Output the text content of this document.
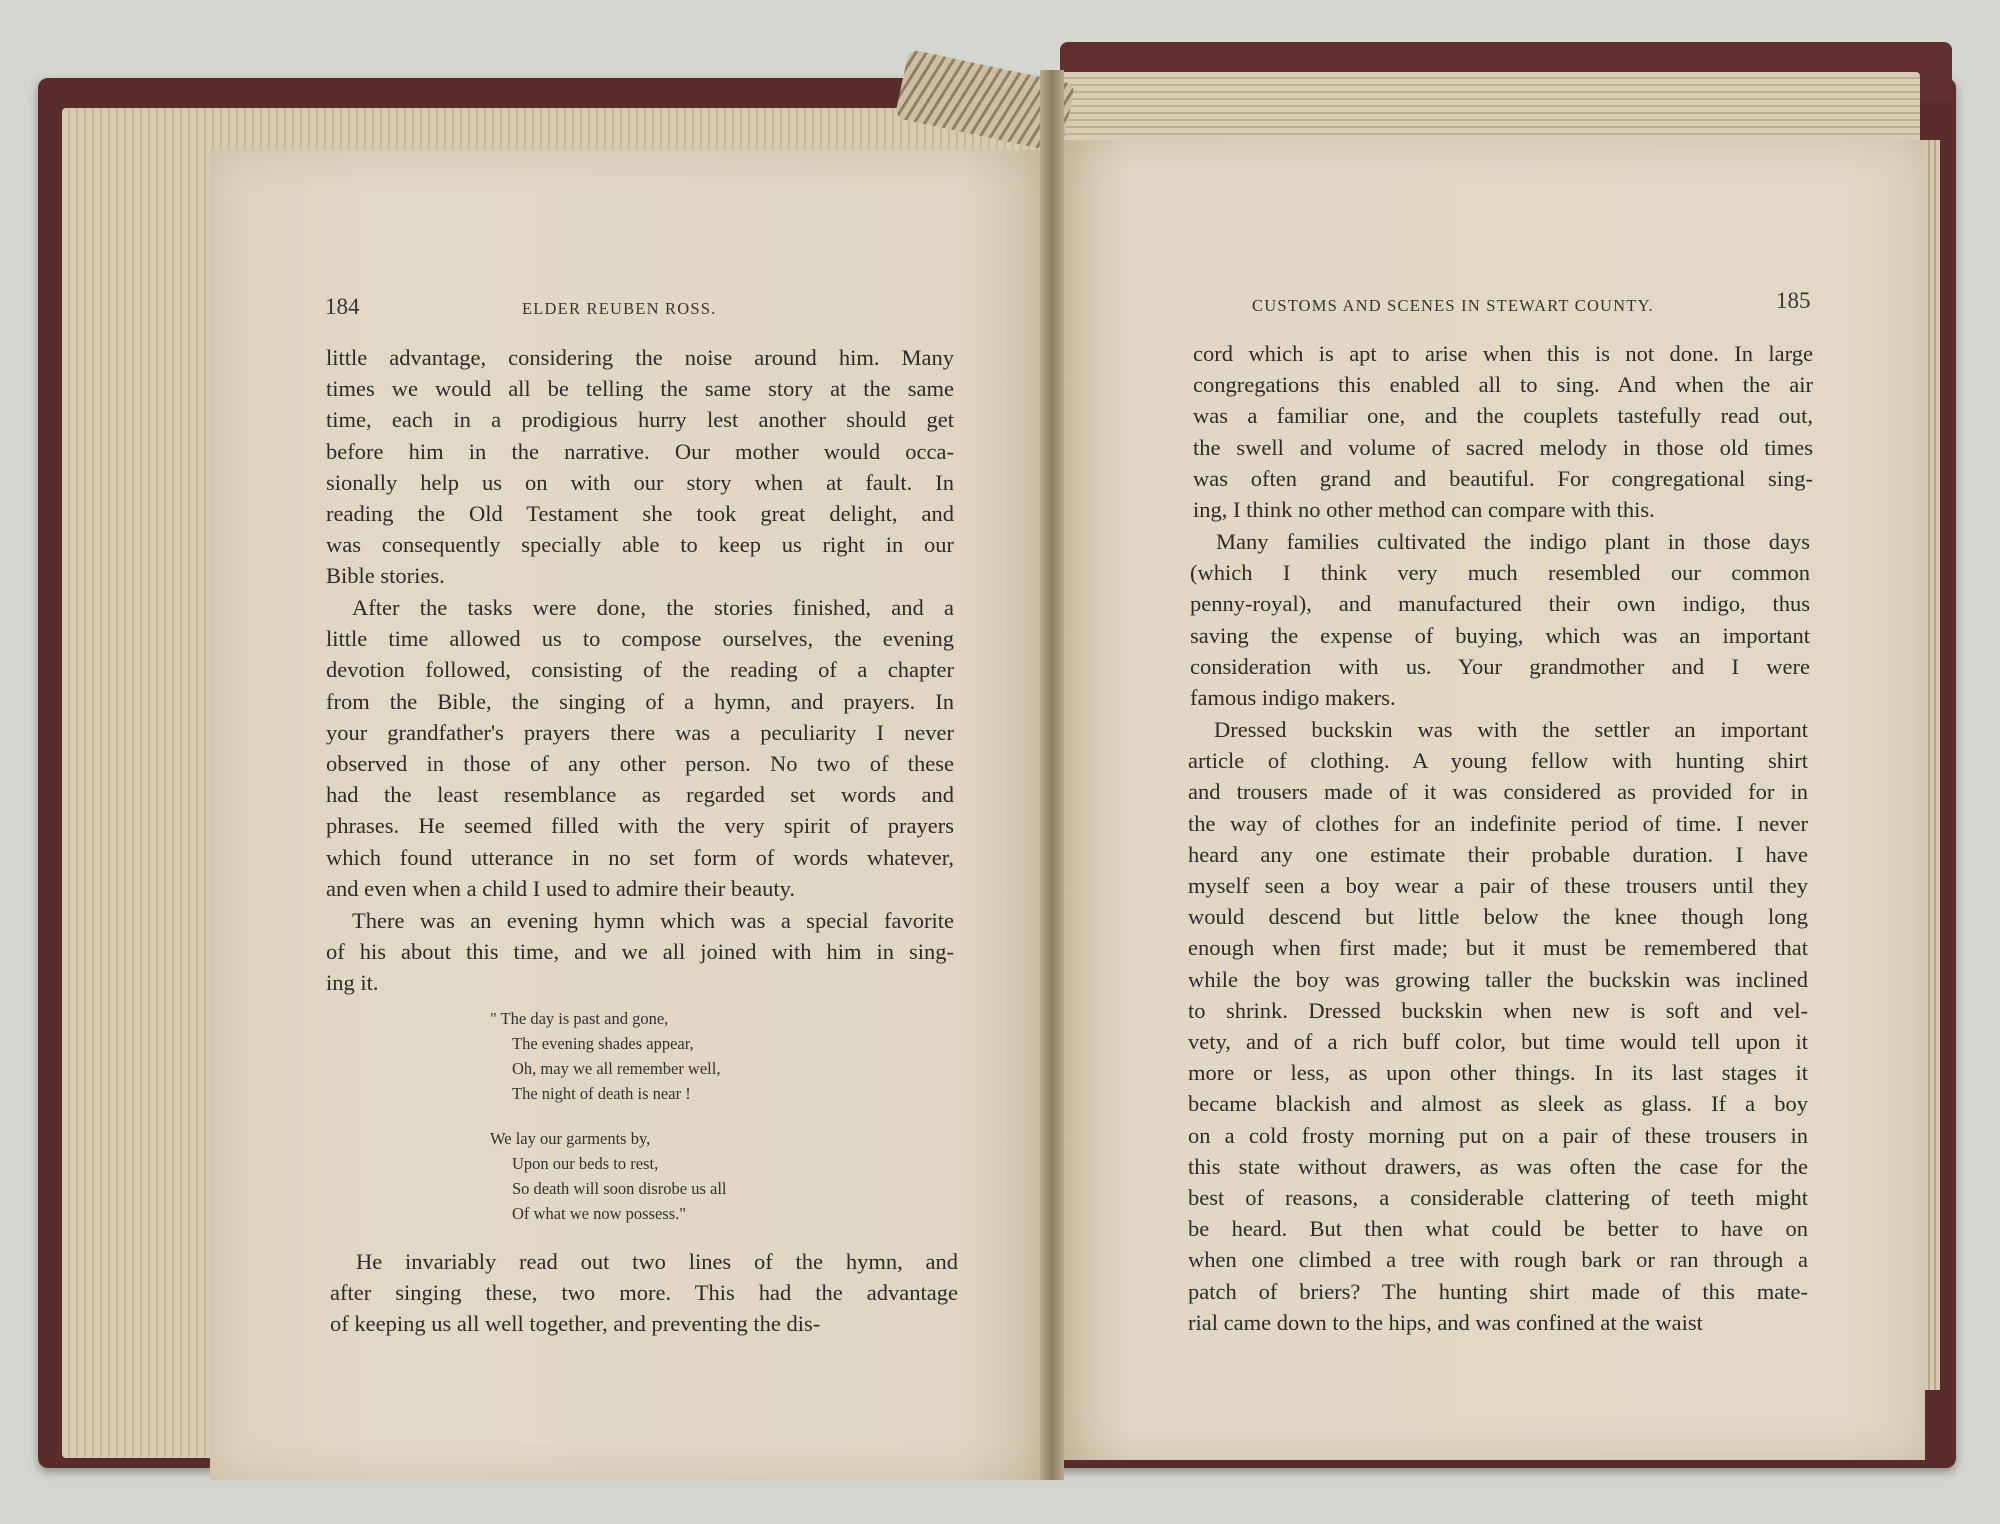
184	ELDER REUBEN ROSS.
little advantage, considering the noise around him. Many
times we would all be telling the same story at the same
time, each in a prodigious hurry lest another should get
before him in the narrative. Our mother would occa-
sionally help us on with our story when at fault. In
reading the Old Testament she took great delight, and
was consequently specially able to keep us right in our
Bible stories.
After the tasks were done, the stories finished, and a
little time allowed us to compose ourselves, the evening
devotion followed, consisting of the reading of a chapter
from the Bible, the singing of a hymn, and prayers. In
your grandfather's prayers there was a peculiarity I never
observed in those of any other person. No two of these
had the least resemblance as regarded set words and
phrases. He seemed filled with the very spirit of prayers
which found utterance in no set form of words whatever,
and even when a child I used to admire their beauty.
There was an evening hymn which was a special favorite
of his about this time, and we all joined with him in sing-
ing it.
" The day is past and gone,
The evening shades appear,
Oh, may we all remember well,
The night of death is near !
We lay our garments by,
Upon our beds to rest,
So death will soon disrobe us all
Of what we now possess."
He invariably read out two lines of the hymn, and
after singing these, two more. This had the advantage
of keeping us all well together, and preventing the dis-
CUSTOMS AND SCENES IN STEWART COUNTY.	185
cord which is apt to arise when this is not done. In large
congregations this enabled all to sing. And when the air
was a familiar one, and the couplets tastefully read out,
the swell and volume of sacred melody in those old times
was often grand and beautiful. For congregational sing-
ing, I think no other method can compare with this.
Many families cultivated the indigo plant in those days
(which I think very much resembled our common
penny-royal), and manufactured their own indigo, thus
saving the expense of buying, which was an important
consideration with us. Your grandmother and I were
famous indigo makers.
Dressed buckskin was with the settler an important
article of clothing. A young fellow with hunting shirt
and trousers made of it was considered as provided for in
the way of clothes for an indefinite period of time. I never
heard any one estimate their probable duration. I have
myself seen a boy wear a pair of these trousers until they
would descend but little below the knee though long
enough when first made; but it must be remembered that
while the boy was growing taller the buckskin was inclined
to shrink. Dressed buckskin when new is soft and vel-
vety, and of a rich buff color, but time would tell upon it
more or less, as upon other things. In its last stages it
became blackish and almost as sleek as glass. If a boy
on a cold frosty morning put on a pair of these trousers in
this state without drawers, as was often the case for the
best of reasons, a considerable clattering of teeth might
be heard. But then what could be better to have on
when one climbed a tree with rough bark or ran through a
patch of briers? The hunting shirt made of this mate-
rial came down to the hips, and was confined at the waist
